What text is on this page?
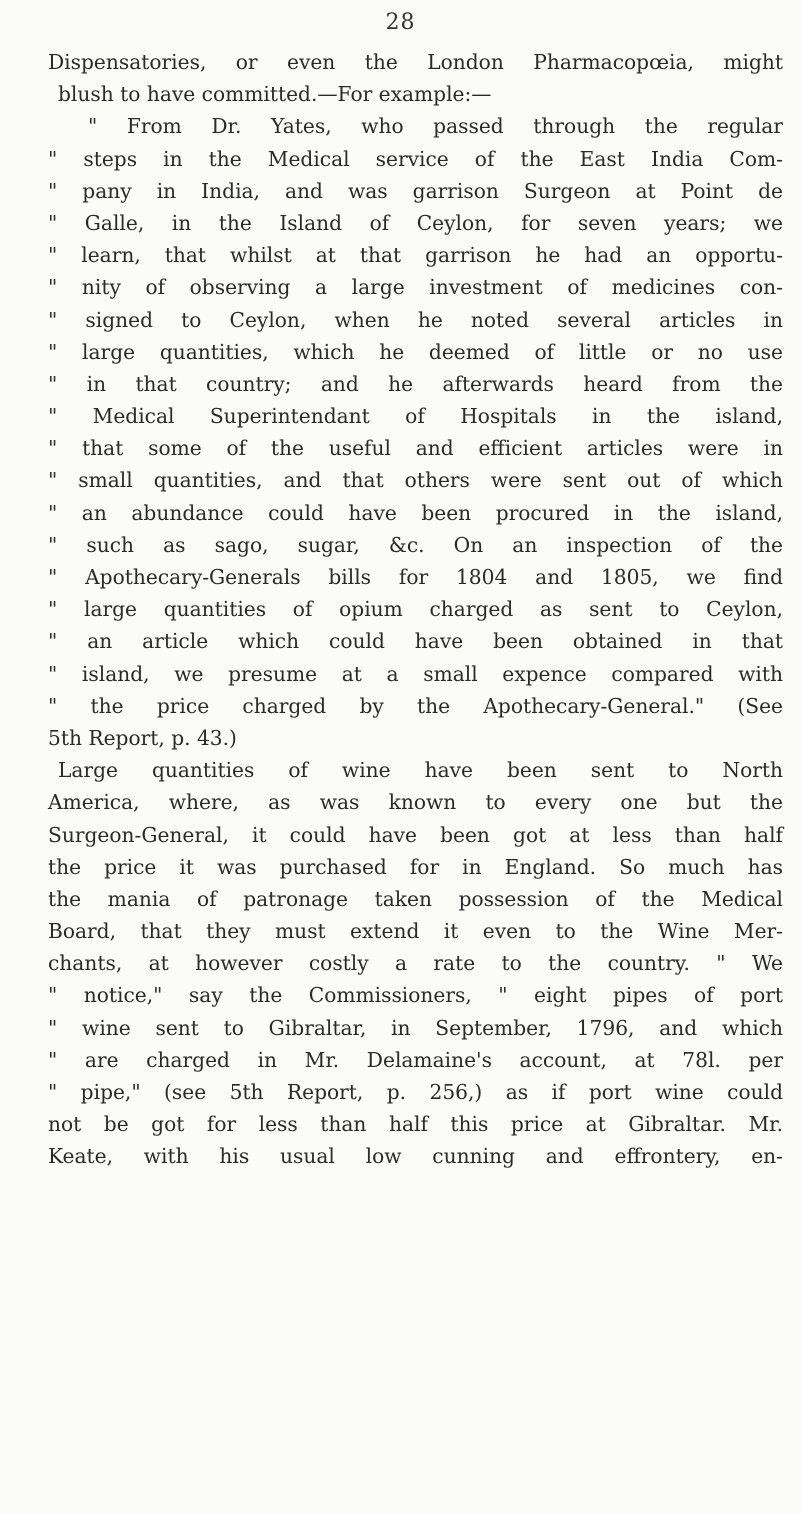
28
Dispensatories, or even the London Pharmacopœia, might
blush to have committed.—For example:—
" From Dr. Yates, who passed through the regular
" steps in the Medical service of the East India Com-
" pany in India, and was garrison Surgeon at Point de
" Galle, in the Island of Ceylon, for seven years; we
" learn, that whilst at that garrison he had an opportu-
" nity of observing a large investment of medicines con-
" signed to Ceylon, when he noted several articles in
" large quantities, which he deemed of little or no use
" in that country; and he afterwards heard from the
" Medical Superintendant of Hospitals in the island,
" that some of the useful and efficient articles were in
" small quantities, and that others were sent out of which
" an abundance could have been procured in the island,
" such as sago, sugar, &c. On an inspection of the
" Apothecary-Generals bills for 1804 and 1805, we find
" large quantities of opium charged as sent to Ceylon,
" an article which could have been obtained in that
" island, we presume at a small expence compared with
" the price charged by the Apothecary-General." (See
5th Report, p. 43.)
Large quantities of wine have been sent to North
America, where, as was known to every one but the
Surgeon-General, it could have been got at less than half
the price it was purchased for in England. So much has
the mania of patronage taken possession of the Medical
Board, that they must extend it even to the Wine Mer-
chants, at however costly a rate to the country. " We
" notice," say the Commissioners, " eight pipes of port
" wine sent to Gibraltar, in September, 1796, and which
" are charged in Mr. Delamaine's account, at 78l. per
" pipe," (see 5th Report, p. 256,) as if port wine could
not be got for less than half this price at Gibraltar. Mr.
Keate, with his usual low cunning and effrontery, en-
